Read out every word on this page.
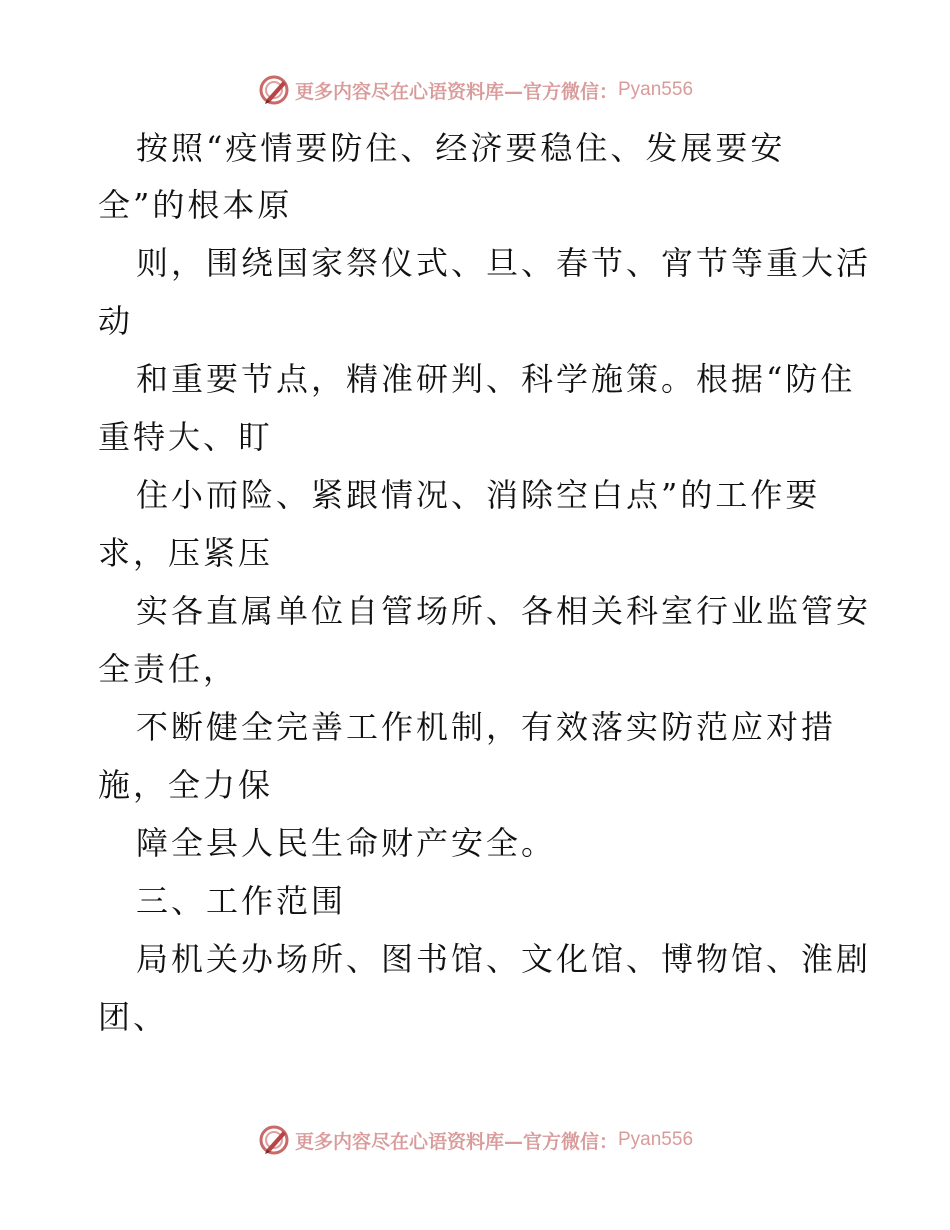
更多内容尽在心语资料库—官方微信： Pyan556
按照“疫情要防住、经济要稳住、发展要安
全”的根本原
则，围绕国家祭仪式、旦、春节、宵节等重大活
动
和重要节点，精准研判、科学施策。根据“防住
重特大、盯
住小而险、紧跟情况、消除空白点”的工作要
求，压紧压
实各直属单位自管场所、各相关科室行业监管安
全责任，
不断健全完善工作机制，有效落实防范应对措
施，全力保
障全县人民生命财产安全。
三、工作范围
局机关办场所、图书馆、文化馆、博物馆、淮剧
团、
更多内容尽在心语资料库—官方微信： Pyan556
